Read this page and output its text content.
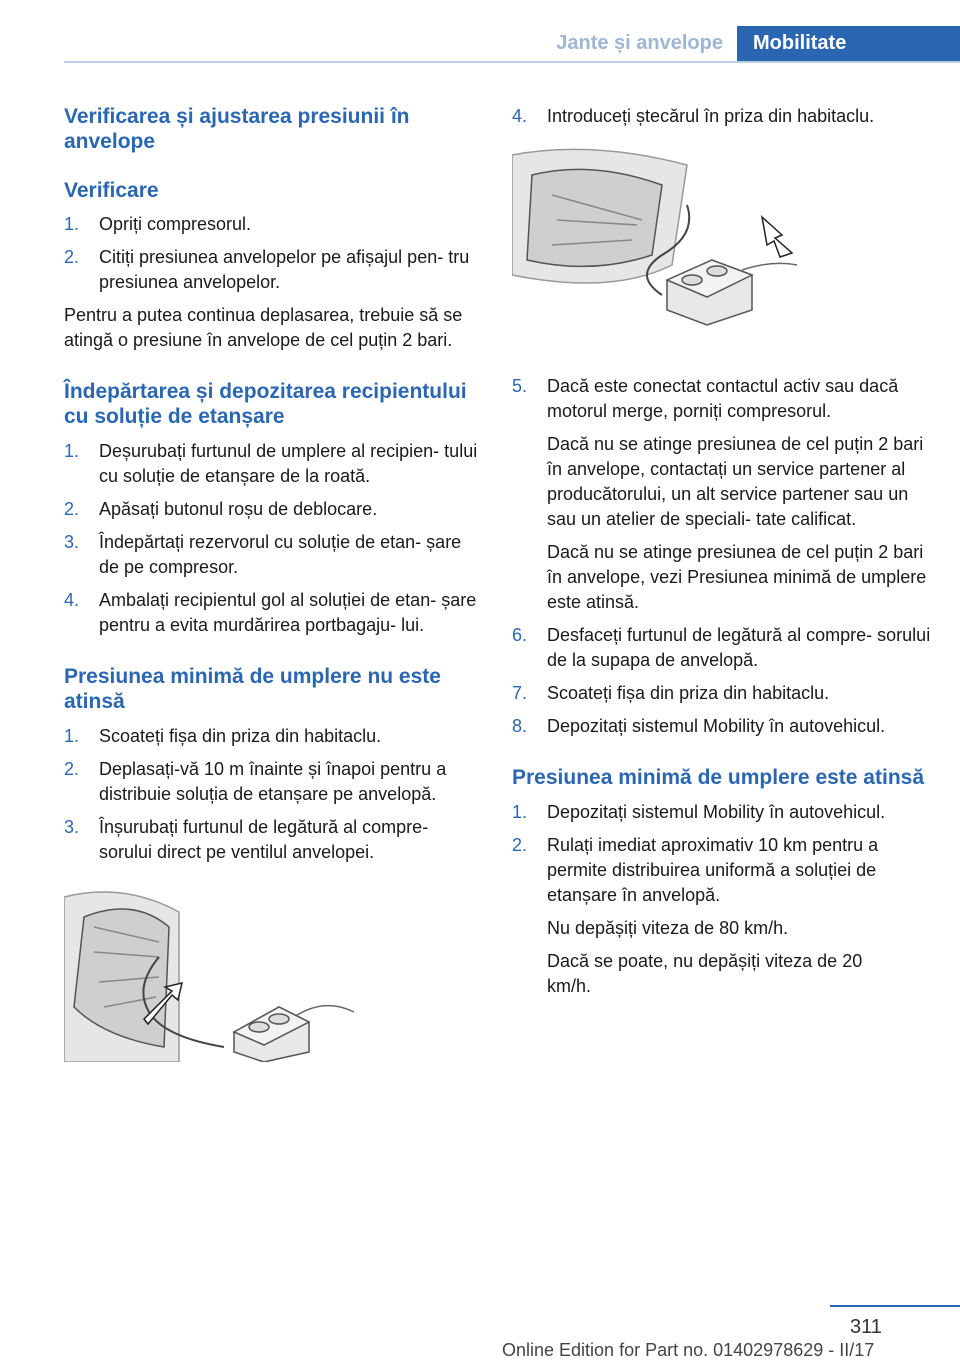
Jante și anvelope	Mobilitate
Verificarea și ajustarea presiunii în anvelope
Verificare
1. Opriți compresorul.
2. Citiți presiunea anvelopelor pe afișajul pen‐ tru presiunea anvelopelor.

Pentru a putea continua deplasarea, trebuie să se atingă o presiune în anvelope de cel puțin 2 bari.

Îndepărtarea și depozitarea recipientului cu soluție de etanșare
1. Deșurubați furtunul de umplere al recipien‐ tului cu soluție de etanșare de la roată.
2. Apăsați butonul roșu de deblocare.
3. Îndepărtați rezervorul cu soluție de etan‐ șare de pe compresor.
4. Ambalați recipientul gol al soluției de etan‐ șare pentru a evita murdărirea portbagaju‐ lui.
Presiunea minimă de umplere nu este atinsă
1. Scoateți fișa din priza din habitaclu.
2. Deplasați-vă 10 m înainte și înapoi pentru a distribuie soluția de etanșare pe anvelopă.
3. Înșurubați furtunul de legătură al compre‐ sorului direct pe ventilul anvelopei.
4. Introduceți ștecărul în priza din habitaclu.
5. Dacă este conectat contactul activ sau dacă motorul merge, porniți compresorul.

Dacă nu se atinge presiunea de cel puțin 2 bari în anvelope, contactați un service partener al producătorului, un alt service partener sau un sau un atelier de speciali‐ tate calificat.

Dacă nu se atinge presiunea de cel puțin 2 bari în anvelope, vezi Presiunea minimă de umplere este atinsă.

6. Desfaceți furtunul de legătură al compre‐ sorului de la supapa de anvelopă.
7. Scoateți fișa din priza din habitaclu.
8. Depozitați sistemul Mobility în autovehicul.
Presiunea minimă de umplere este atinsă
1. Depozitați sistemul Mobility în autovehicul.
2. Rulați imediat aproximativ 10 km pentru a permite distribuirea uniformă a soluției de etanșare în anvelopă.

Nu depășiți viteza de 80 km/h.

Dacă se poate, nu depășiți viteza de 20 km/h.

311
Online Edition for Part no. 01402978629 - II/17
